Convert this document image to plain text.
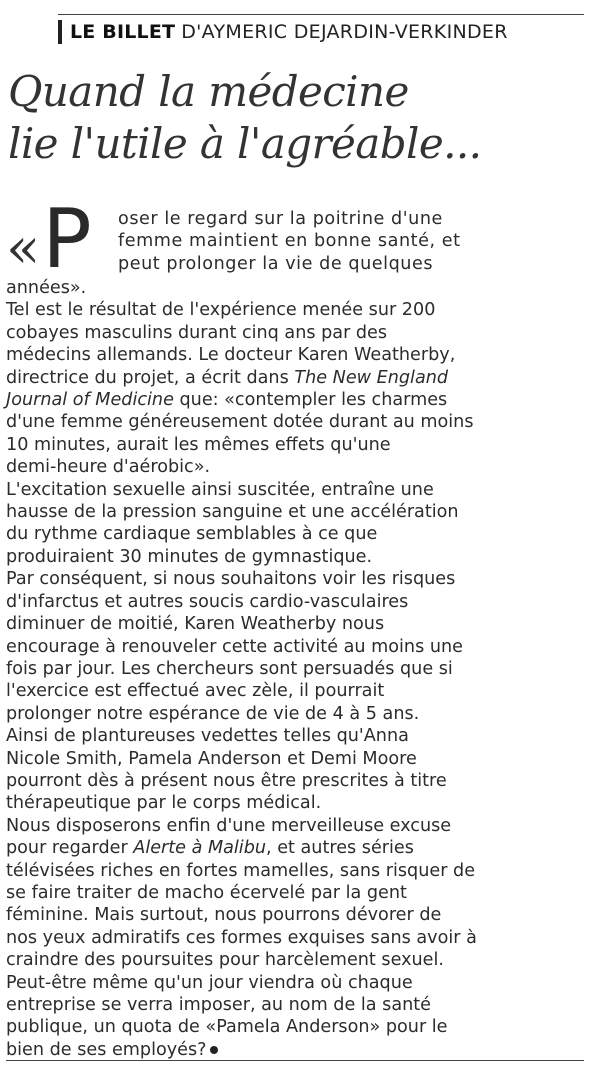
LE BILLET D'AYMERIC DEJARDIN-VERKINDER
Quand la médecine
lie l'utile à l'agréable...
« P oser le regard sur la poitrine d'une
femme maintient en bonne santé, et
peut prolonger la vie de quelques
années».
Tel est le résultat de l'expérience menée sur 200
cobayes masculins durant cinq ans par des
médecins allemands. Le docteur Karen Weatherby,
directrice du projet, a écrit dans The New England
Journal of Medicine que: «contempler les charmes
d'une femme généreusement dotée durant au moins
10 minutes, aurait les mêmes effets qu'une
demi-heure d'aérobic».
L'excitation sexuelle ainsi suscitée, entraîne une
hausse de la pression sanguine et une accélération
du rythme cardiaque semblables à ce que
produiraient 30 minutes de gymnastique.
Par conséquent, si nous souhaitons voir les risques
d'infarctus et autres soucis cardio-vasculaires
diminuer de moitié, Karen Weatherby nous
encourage à renouveler cette activité au moins une
fois par jour. Les chercheurs sont persuadés que si
l'exercice est effectué avec zèle, il pourrait
prolonger notre espérance de vie de 4 à 5 ans.
Ainsi de plantureuses vedettes telles qu'Anna
Nicole Smith, Pamela Anderson et Demi Moore
pourront dès à présent nous être prescrites à titre
thérapeutique par le corps médical.
Nous disposerons enfin d'une merveilleuse excuse
pour regarder Alerte à Malibu, et autres séries
télévisées riches en fortes mamelles, sans risquer de
se faire traiter de macho écervelé par la gent
féminine. Mais surtout, nous pourrons dévorer de
nos yeux admiratifs ces formes exquises sans avoir à
craindre des poursuites pour harcèlement sexuel.
Peut-être même qu'un jour viendra où chaque
entreprise se verra imposer, au nom de la santé
publique, un quota de «Pamela Anderson» pour le
bien de ses employés?
